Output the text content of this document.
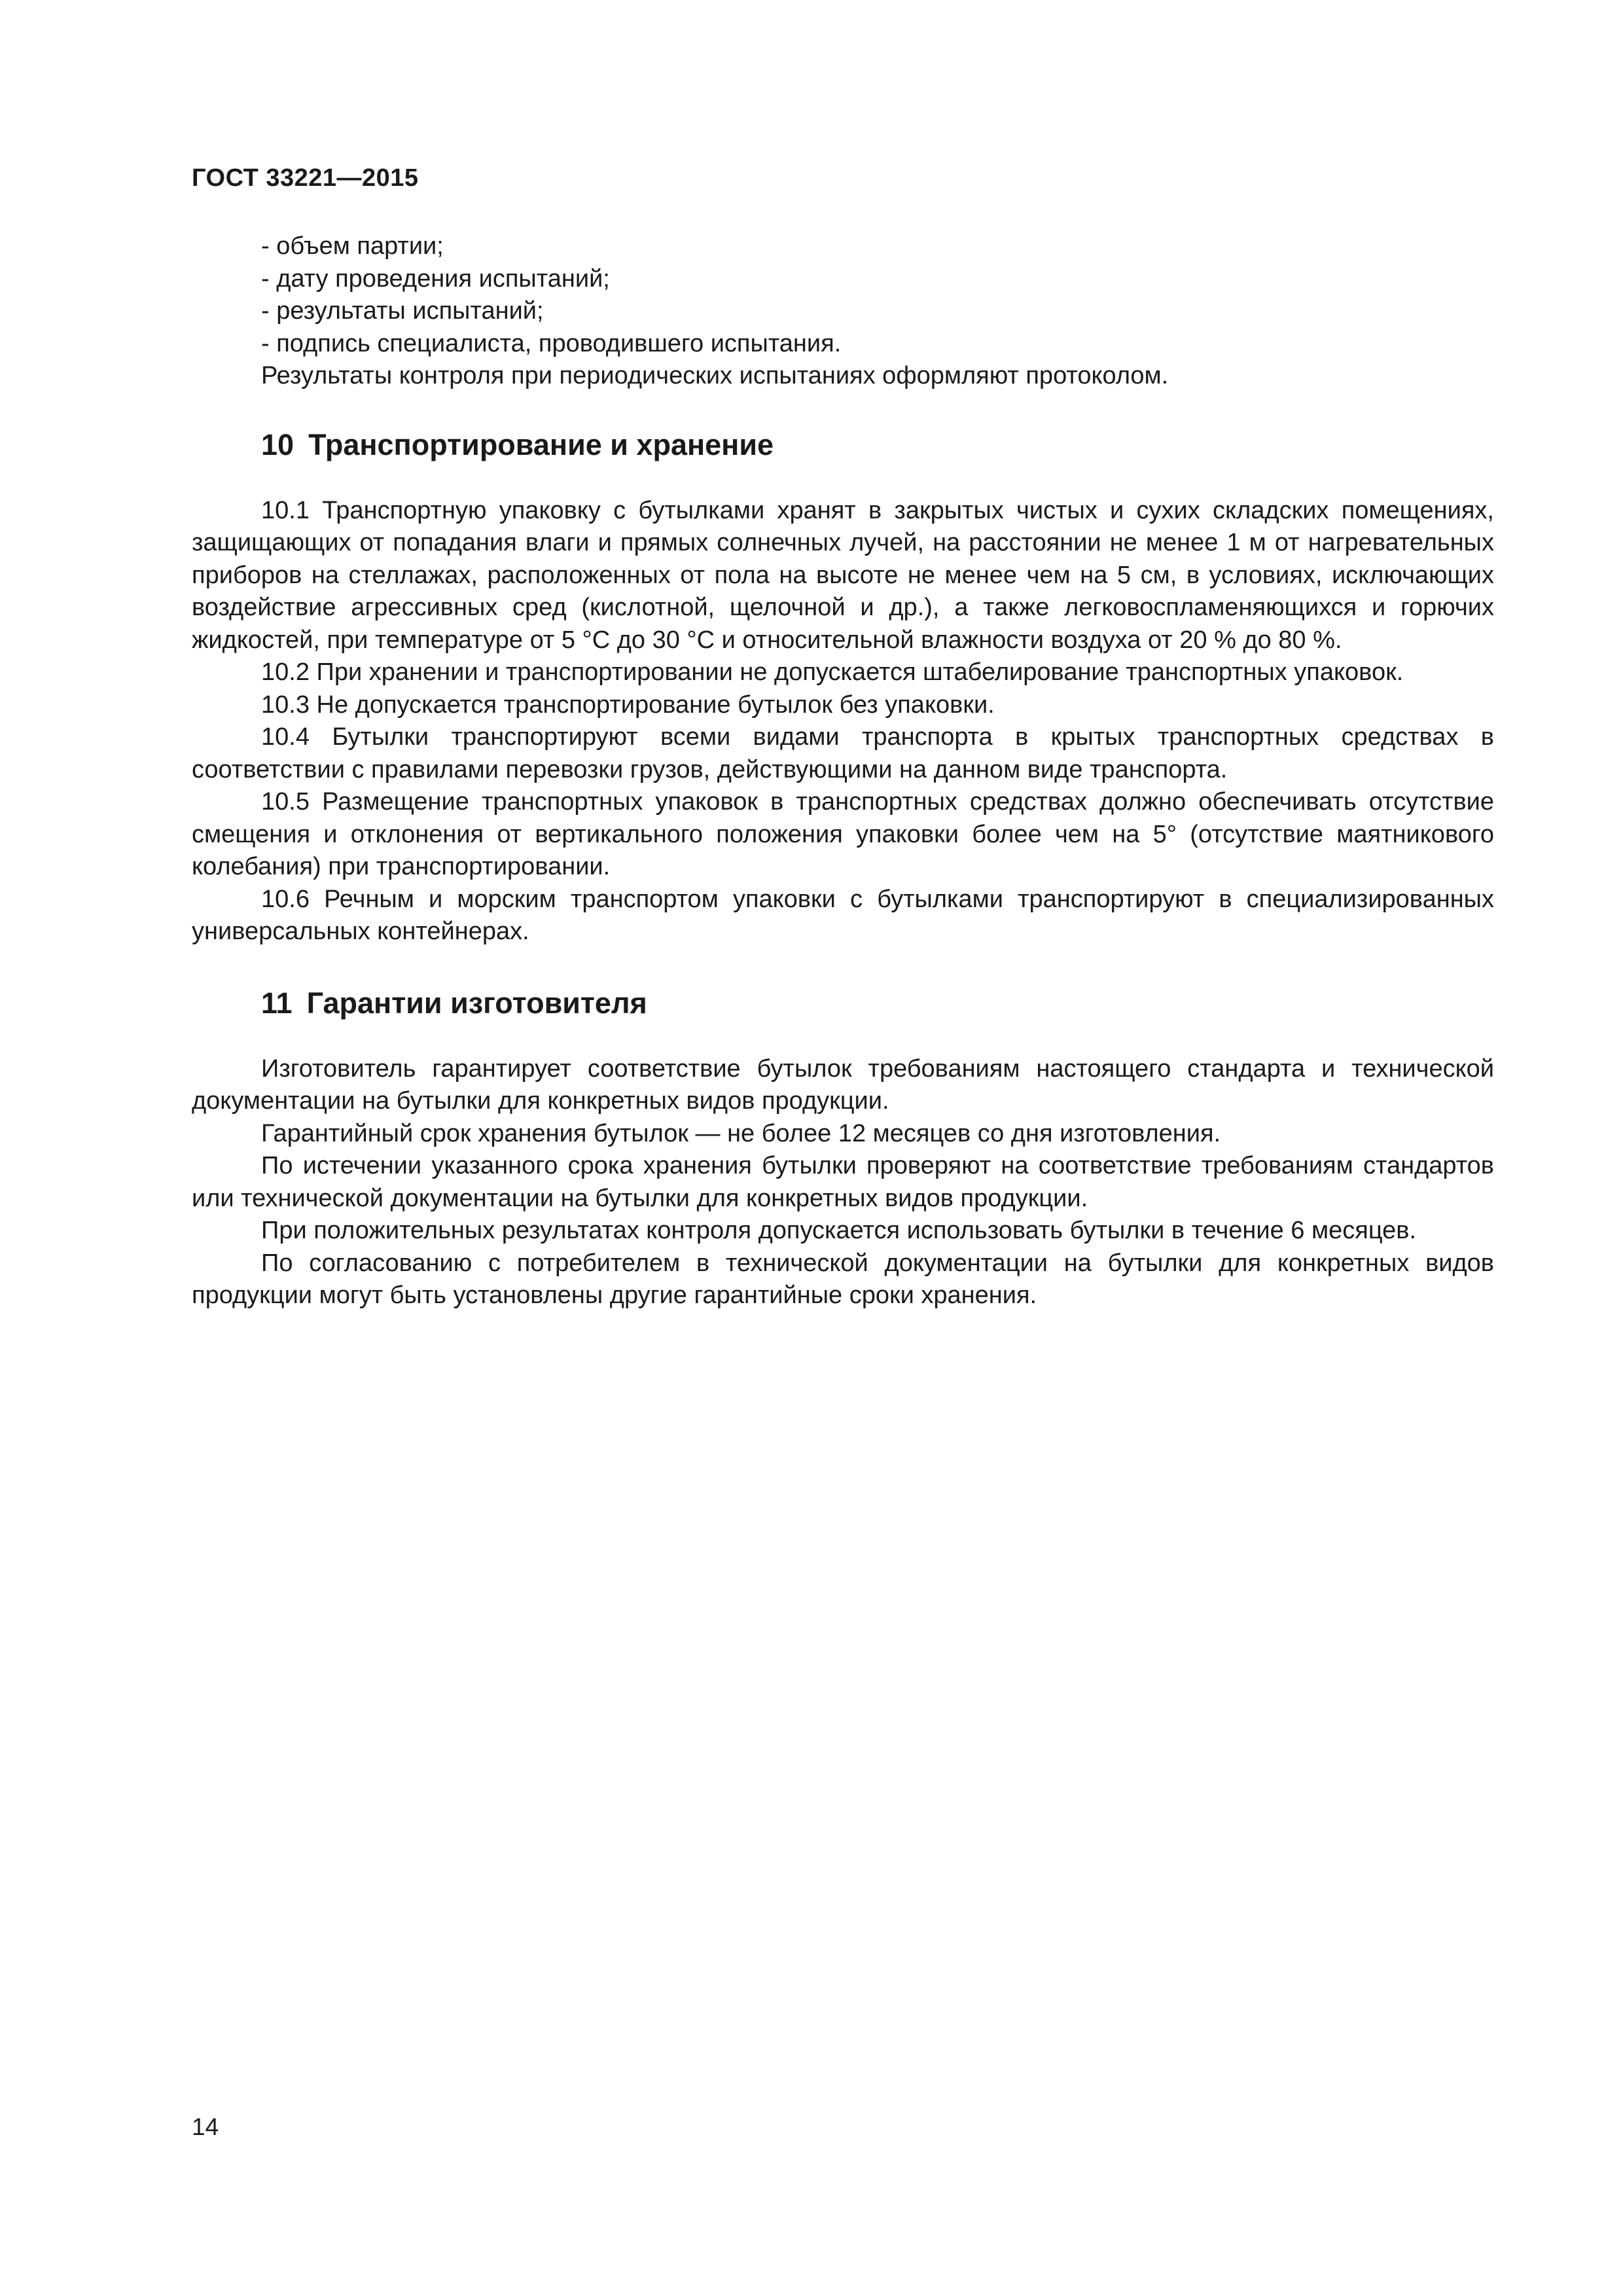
ГОСТ 33221—2015

- объем партии;

- дату проведения испытаний;

- результаты испытаний;

- подпись специалиста, проводившего испытания.

Результаты контроля при периодических испытаниях оформляют протоколом.

10 Транспортирование и хранение

10.1 Транспортную упаковку с бутылками хранят в закрытых чистых и сухих складских помещениях, защищающих от попадания влаги и прямых солнечных лучей, на расстоянии не менее 1 м от нагревательных приборов на стеллажах, расположенных от пола на высоте не менее чем на 5 см, в условиях, исключающих воздействие агрессивных сред (кислотной, щелочной и др.), а также легковоспламеняющихся и горючих жидкостей, при температуре от 5 °С до 30 °С и относительной влажности воздуха от 20 % до 80 %.

10.2 При хранении и транспортировании не допускается штабелирование транспортных упаковок.

10.3 Не допускается транспортирование бутылок без упаковки.

10.4 Бутылки транспортируют всеми видами транспорта в крытых транспортных средствах в соответствии с правилами перевозки грузов, действующими на данном виде транспорта.

10.5 Размещение транспортных упаковок в транспортных средствах должно обеспечивать отсутствие смещения и отклонения от вертикального положения упаковки более чем на 5° (отсутствие маятникового колебания) при транспортировании.

10.6 Речным и морским транспортом упаковки с бутылками транспортируют в специализированных универсальных контейнерах.

11 Гарантии изготовителя

Изготовитель гарантирует соответствие бутылок требованиям настоящего стандарта и технической документации на бутылки для конкретных видов продукции.

Гарантийный срок хранения бутылок — не более 12 месяцев со дня изготовления.

По истечении указанного срока хранения бутылки проверяют на соответствие требованиям стандартов или технической документации на бутылки для конкретных видов продукции.

При положительных результатах контроля допускается использовать бутылки в течение 6 месяцев.

По согласованию с потребителем в технической документации на бутылки для конкретных видов продукции могут быть установлены другие гарантийные сроки хранения.

14
